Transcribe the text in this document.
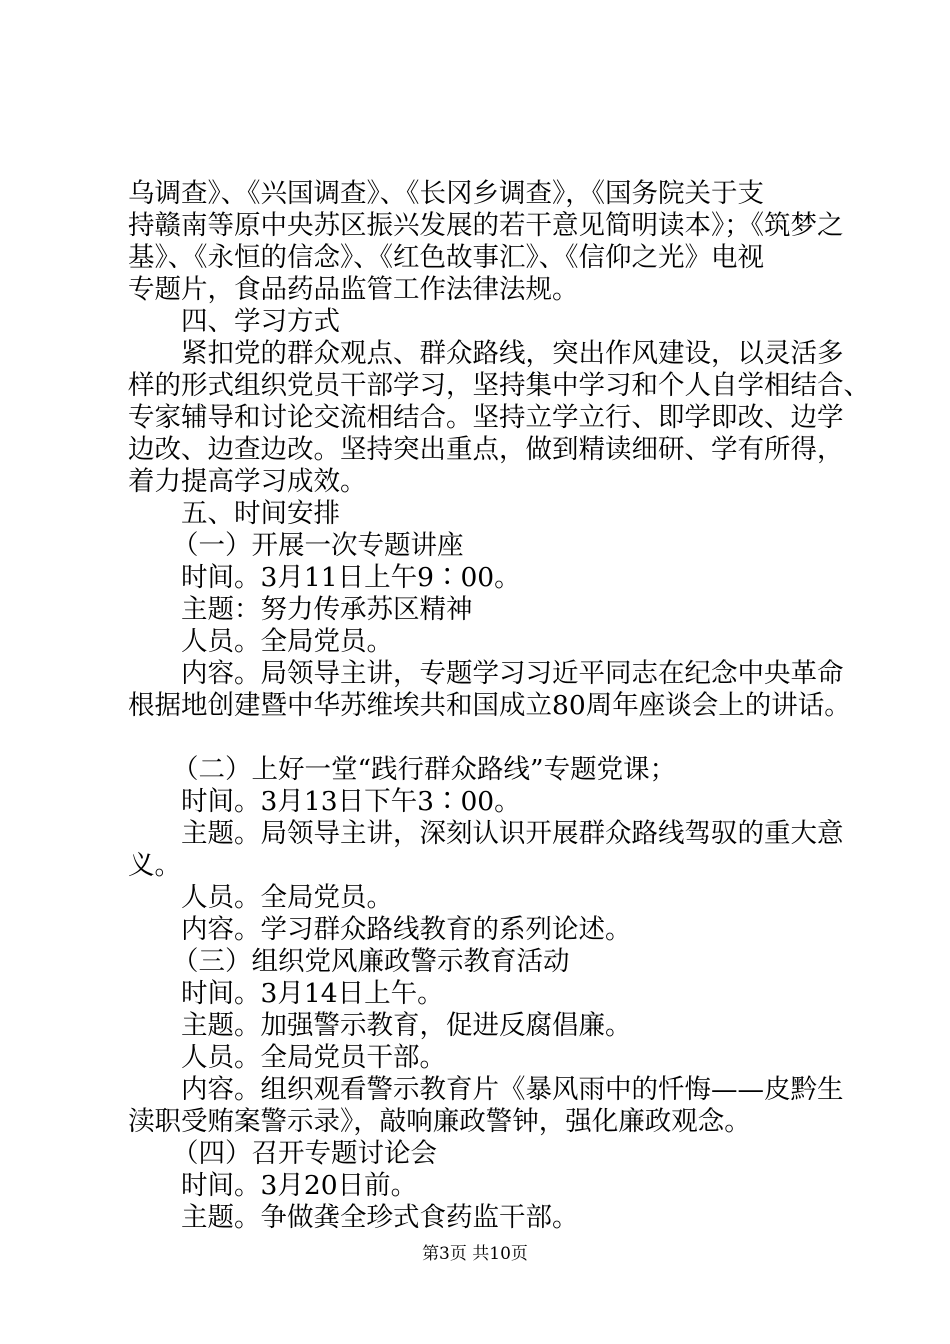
乌调查》、《兴国调查》、《长冈乡调查》，《国务院关于支
持赣南等原中央苏区振兴发展的若干意见简明读本》；《筑梦之
基》、《永恒的信念》、《红色故事汇》、《信仰之光》电视
专题片，食品药品监管工作法律法规。
四、学习方式
紧扣党的群众观点、群众路线，突出作风建设，以灵活多
样的形式组织党员干部学习，坚持集中学习和个人自学相结合、
专家辅导和讨论交流相结合。坚持立学立行、即学即改、边学
边改、边查边改。坚持突出重点，做到精读细研、学有所得，
着力提高学习成效。
五、时间安排
（一）开展一次专题讲座
时间。3月11日上午9∶00。
主题：努力传承苏区精神
人员。全局党员。
内容。局领导主讲，专题学习习近平同志在纪念中央革命
根据地创建暨中华苏维埃共和国成立80周年座谈会上的讲话。
（二）上好一堂“践行群众路线”专题党课；
时间。3月13日下午3∶00。
主题。局领导主讲，深刻认识开展群众路线驾驭的重大意
义。
人员。全局党员。
内容。学习群众路线教育的系列论述。
（三）组织党风廉政警示教育活动
时间。3月14日上午。
主题。加强警示教育，促进反腐倡廉。
人员。全局党员干部。
内容。组织观看警示教育片《暴风雨中的忏悔——皮黔生
渎职受贿案警示录》，敲响廉政警钟，强化廉政观念。
（四）召开专题讨论会
时间。3月20日前。
主题。争做龚全珍式食药监干部。
第3页 共10页
